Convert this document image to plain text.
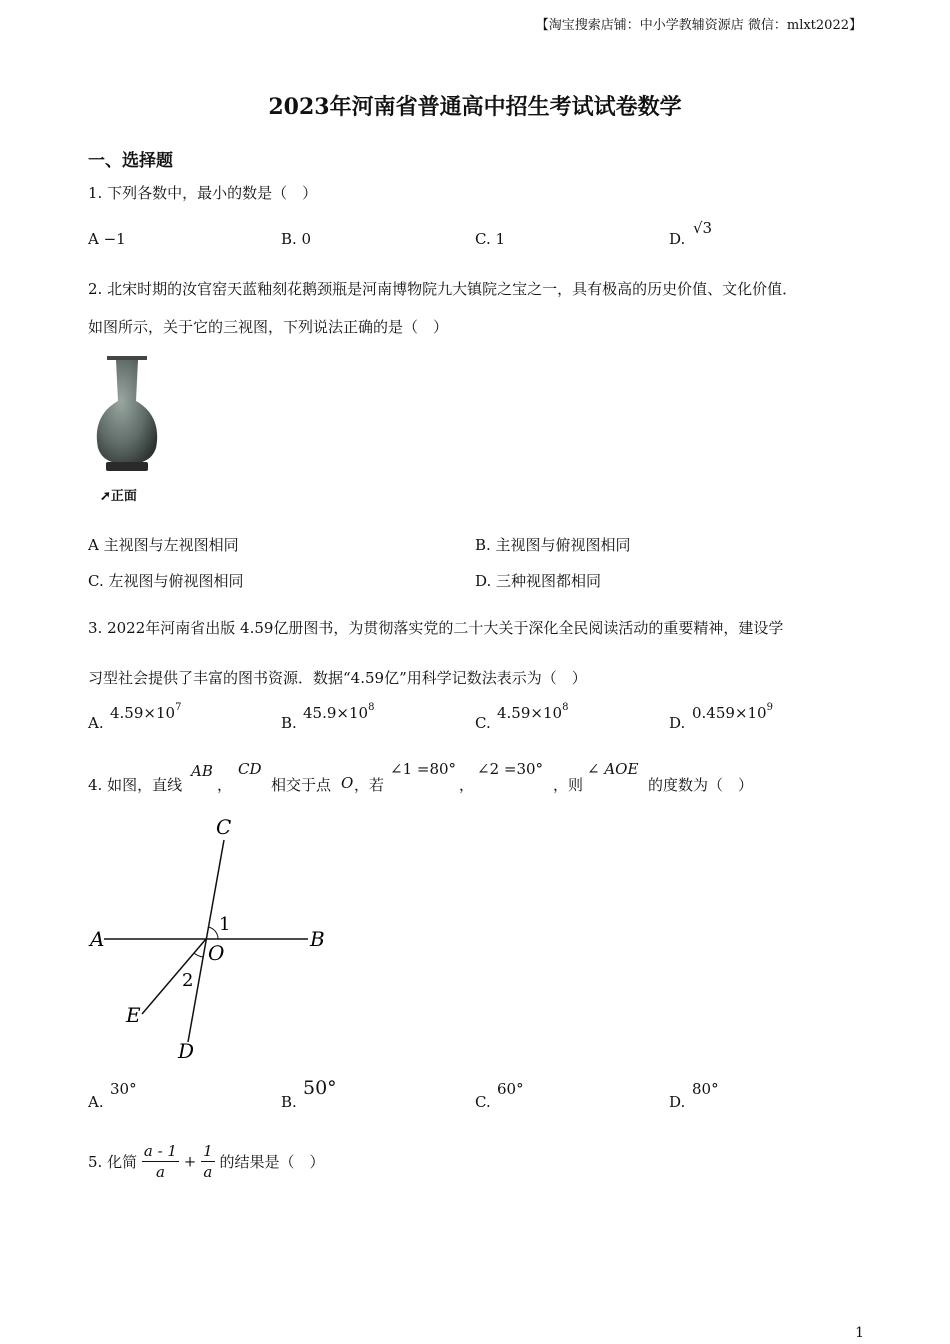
【淘宝搜索店铺：中小学教辅资源店 微信：mlxt2022】
2023年河南省普通高中招生考试试卷数学
一、选择题
1. 下列各数中，最小的数是（　）
A −1	B. 0	C. 1	D.
√3
2. 北宋时期的汝官窑天蓝釉刻花鹅颈瓶是河南博物院九大镇院之宝之一，具有极高的历史价值、文化价值．
如图所示，关于它的三视图，下列说法正确的是（　）
➚正面
A 主视图与左视图相同	B. 主视图与俯视图相同
C. 左视图与俯视图相同	D. 三种视图都相同
3. 2022年河南省出版 4.59亿册图书，为贯彻落实党的二十大关于深化全民阅读活动的重要精神，建设学
习型社会提供了丰富的图书资源．数据“4.59亿”用科学记数法表示为（　）
A.
$4.59\times 10^7$
B.
$45.9\times 10^8$
C.
$4.59\times 10^8$
D.
$0.459\times 10^9$
4. 如图，直线
AB
，
CD
相交于点 O ，若
∠1 =80°
，
∠2 =30°
，则
∠ AOE
的度数为（　）
C
A	B
O
1
2
E
D
A.
30°
B.
50°
C.
60°
D.
80°
5. 化简 $\frac{a - 1}{a} + \frac{1}{a}$ 的结果是（　）
1
